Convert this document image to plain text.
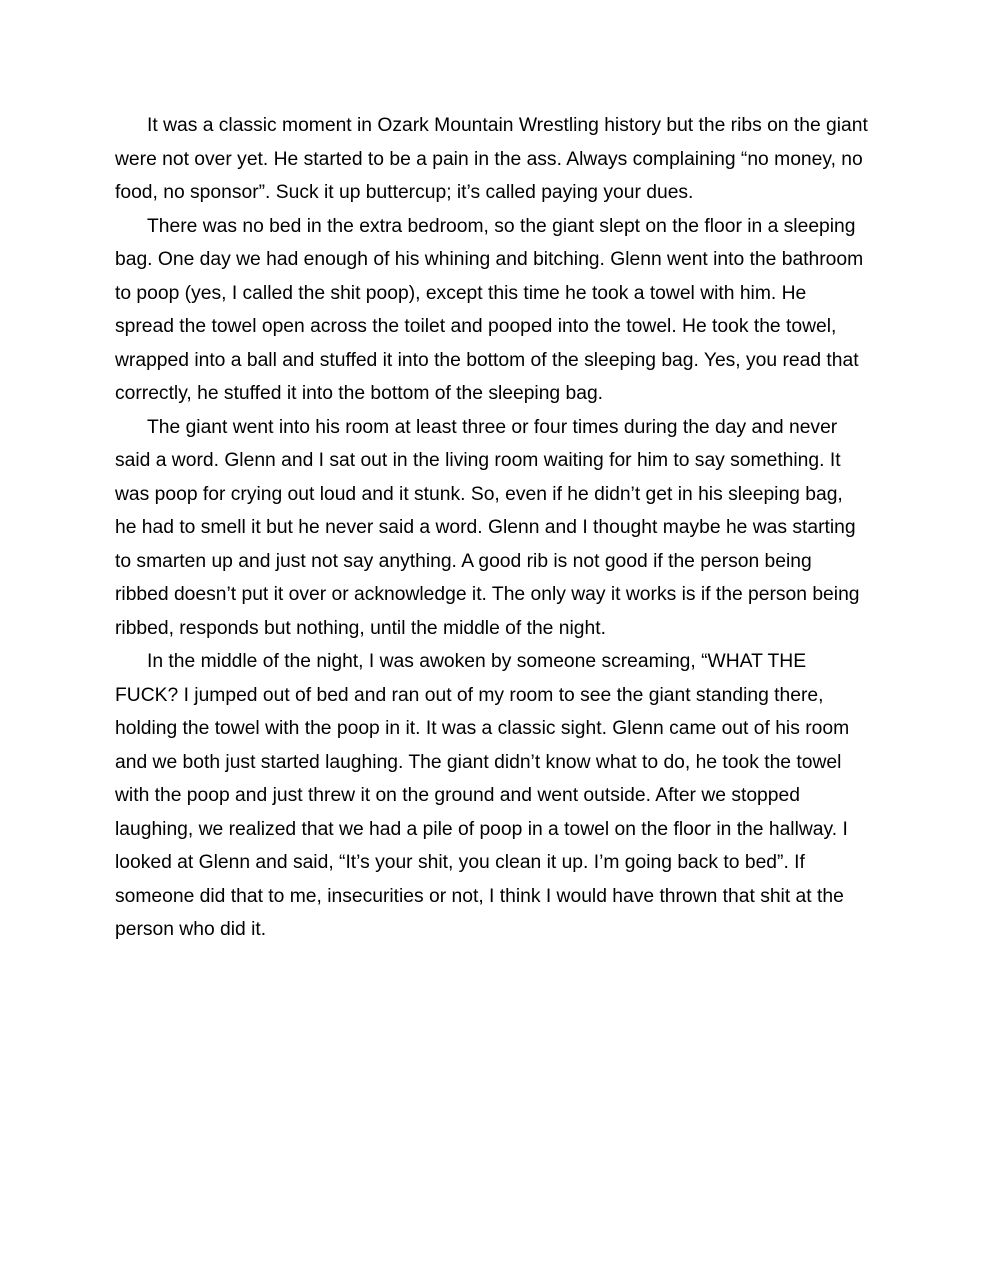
It was a classic moment in Ozark Mountain Wrestling history but the ribs on the giant
were not over yet. He started to be a pain in the ass. Always complaining “no money, no
food, no sponsor”. Suck it up buttercup; it’s called paying your dues.

There was no bed in the extra bedroom, so the giant slept on the floor in a sleeping
bag. One day we had enough of his whining and bitching. Glenn went into the bathroom
to poop (yes, I called the shit poop), except this time he took a towel with him. He
spread the towel open across the toilet and pooped into the towel. He took the towel,
wrapped into a ball and stuffed it into the bottom of the sleeping bag. Yes, you read that
correctly, he stuffed it into the bottom of the sleeping bag.

The giant went into his room at least three or four times during the day and never
said a word. Glenn and I sat out in the living room waiting for him to say something. It
was poop for crying out loud and it stunk. So, even if he didn’t get in his sleeping bag,
he had to smell it but he never said a word. Glenn and I thought maybe he was starting
to smarten up and just not say anything. A good rib is not good if the person being
ribbed doesn’t put it over or acknowledge it. The only way it works is if the person being
ribbed, responds but nothing, until the middle of the night.

In the middle of the night, I was awoken by someone screaming, “WHAT THE
FUCK? I jumped out of bed and ran out of my room to see the giant standing there,
holding the towel with the poop in it. It was a classic sight. Glenn came out of his room
and we both just started laughing. The giant didn’t know what to do, he took the towel
with the poop and just threw it on the ground and went outside. After we stopped
laughing, we realized that we had a pile of poop in a towel on the floor in the hallway. I
looked at Glenn and said, “It’s your shit, you clean it up. I’m going back to bed”. If
someone did that to me, insecurities or not, I think I would have thrown that shit at the
person who did it.
